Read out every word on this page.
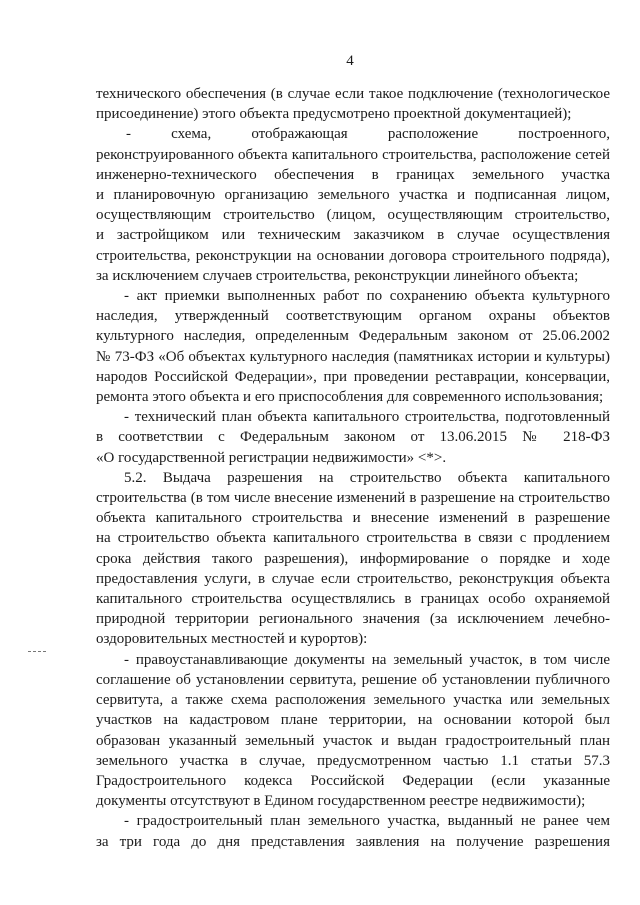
4
технического обеспечения (в случае если такое подключение (технологическое
присоединение) этого объекта предусмотрено проектной документацией);
- схема, отображающая расположение построенного,
реконструированного объекта капитального строительства, расположение сетей
инженерно-технического обеспечения в границах земельного участка
и планировочную организацию земельного участка и подписанная лицом,
осуществляющим строительство (лицом, осуществляющим строительство,
и застройщиком или техническим заказчиком в случае осуществления
строительства, реконструкции на основании договора строительного подряда),
за исключением случаев строительства, реконструкции линейного объекта;
- акт приемки выполненных работ по сохранению объекта культурного
наследия, утвержденный соответствующим органом охраны объектов
культурного наследия, определенным Федеральным законом от 25.06.2002
№ 73-ФЗ «Об объектах культурного наследия (памятниках истории и культуры)
народов Российской Федерации», при проведении реставрации, консервации,
ремонта этого объекта и его приспособления для современного использования;
- технический план объекта капитального строительства, подготовленный
в соответствии с Федеральным законом от 13.06.2015 № 218-ФЗ
«О государственной регистрации недвижимости» <*>.
5.2. Выдача разрешения на строительство объекта капитального
строительства (в том числе внесение изменений в разрешение на строительство
объекта капитального строительства и внесение изменений в разрешение
на строительство объекта капитального строительства в связи с продлением
срока действия такого разрешения), информирование о порядке и ходе
предоставления услуги, в случае если строительство, реконструкция объекта
капитального строительства осуществлялись в границах особо охраняемой
природной территории регионального значения (за исключением лечебно-
оздоровительных местностей и курортов):
- правоустанавливающие документы на земельный участок, в том числе
соглашение об установлении сервитута, решение об установлении публичного
сервитута, а также схема расположения земельного участка или земельных
участков на кадастровом плане территории, на основании которой был
образован указанный земельный участок и выдан градостроительный план
земельного участка в случае, предусмотренном частью 1.1 статьи 57.3
Градостроительного кодекса Российской Федерации (если указанные
документы отсутствуют в Едином государственном реестре недвижимости);
- градостроительный план земельного участка, выданный не ранее чем
за три года до дня представления заявления на получение разрешения
